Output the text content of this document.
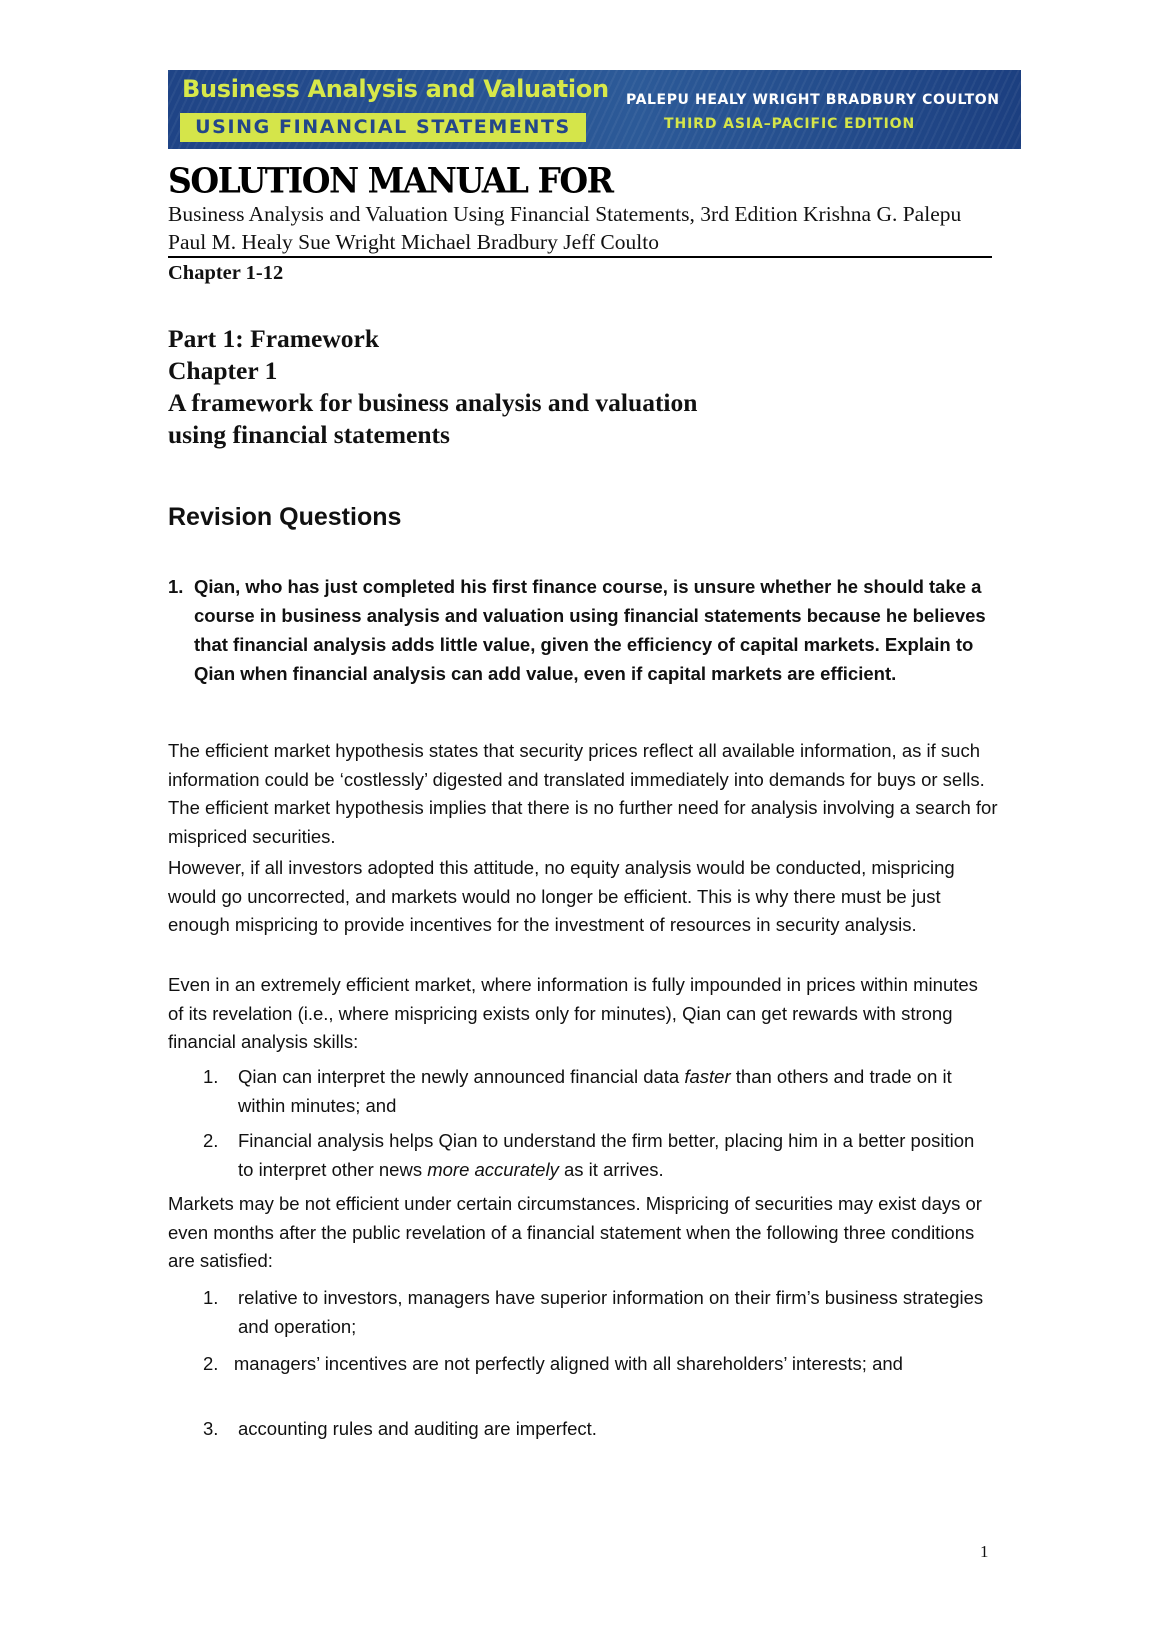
Business Analysis and Valuation
USING FINANCIAL STATEMENTS
PALEPU HEALY WRIGHT BRADBURY COULTON
THIRD ASIA–PACIFIC EDITION
SOLUTION MANUAL FOR
Business Analysis and Valuation Using Financial Statements, 3rd Edition Krishna G. Palepu Paul M. Healy Sue Wright Michael Bradbury Jeff Coulto
Chapter 1-12
Part 1: Framework
Chapter 1
A framework for business analysis and valuation
using financial statements
Revision Questions
1. Qian, who has just completed his first finance course, is unsure whether he should take a course in business analysis and valuation using financial statements because he believes that financial analysis adds little value, given the efficiency of capital markets. Explain to Qian when financial analysis can add value, even if capital markets are efficient.
The efficient market hypothesis states that security prices reflect all available information, as if such information could be ‘costlessly’ digested and translated immediately into demands for buys or sells. The efficient market hypothesis implies that there is no further need for analysis involving a search for mispriced securities.
However, if all investors adopted this attitude, no equity analysis would be conducted, mispricing would go uncorrected, and markets would no longer be efficient. This is why there must be just enough mispricing to provide incentives for the investment of resources in security analysis.
Even in an extremely efficient market, where information is fully impounded in prices within minutes of its revelation (i.e., where mispricing exists only for minutes), Qian can get rewards with strong financial analysis skills:
1.	Qian can interpret the newly announced financial data faster than others and trade on it within minutes; and
2.	Financial analysis helps Qian to understand the firm better, placing him in a better position to interpret other news more accurately as it arrives.
Markets may be not efficient under certain circumstances. Mispricing of securities may exist days or even months after the public revelation of a financial statement when the following three conditions are satisfied:
1.	relative to investors, managers have superior information on their firm’s business strategies and operation;
2. managers’ incentives are not perfectly aligned with all shareholders’ interests; and
3.	accounting rules and auditing are imperfect.
1
